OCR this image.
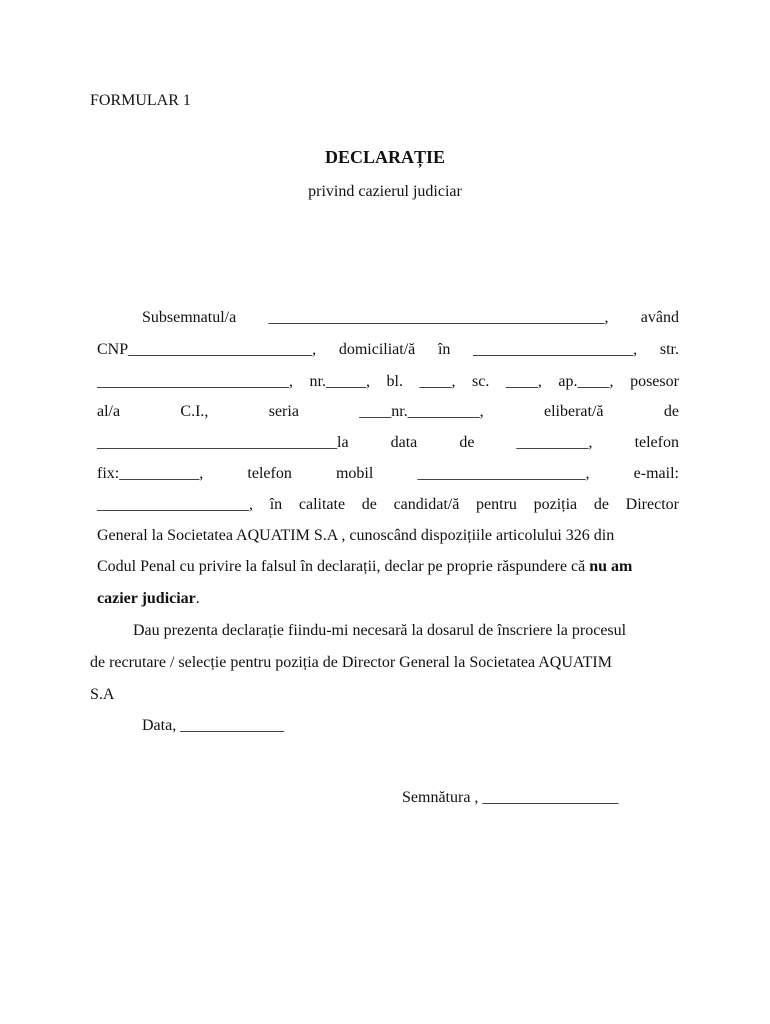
FORMULAR 1
DECLARAȚIE
privind cazierul judiciar
Subsemnatul/a __________________________________________, având
CNP_______________________, domiciliat/ă în ____________________, str.
________________________, nr._____, bl. ____, sc. ____, ap.____, posesor
al/a	C.I.,	seria	____nr._________,	eliberat/ă	de
______________________________la	data	de	_________,	telefon
fix:__________,	telefon	mobil	_____________________,	e-mail:
___________________, în calitate de candidat/ă pentru poziția de Director
General la Societatea AQUATIM S.A , cunoscând dispozițiile articolului 326 din
Codul Penal cu privire la falsul în declarații, declar pe proprie răspundere că nu am
cazier judiciar .
Dau prezenta declarație fiindu-mi necesară la dosarul de înscriere la procesul
de recrutare / selecție pentru poziția de Director General la Societatea AQUATIM
S.A
Data, _____________
Semnătura , _________________
